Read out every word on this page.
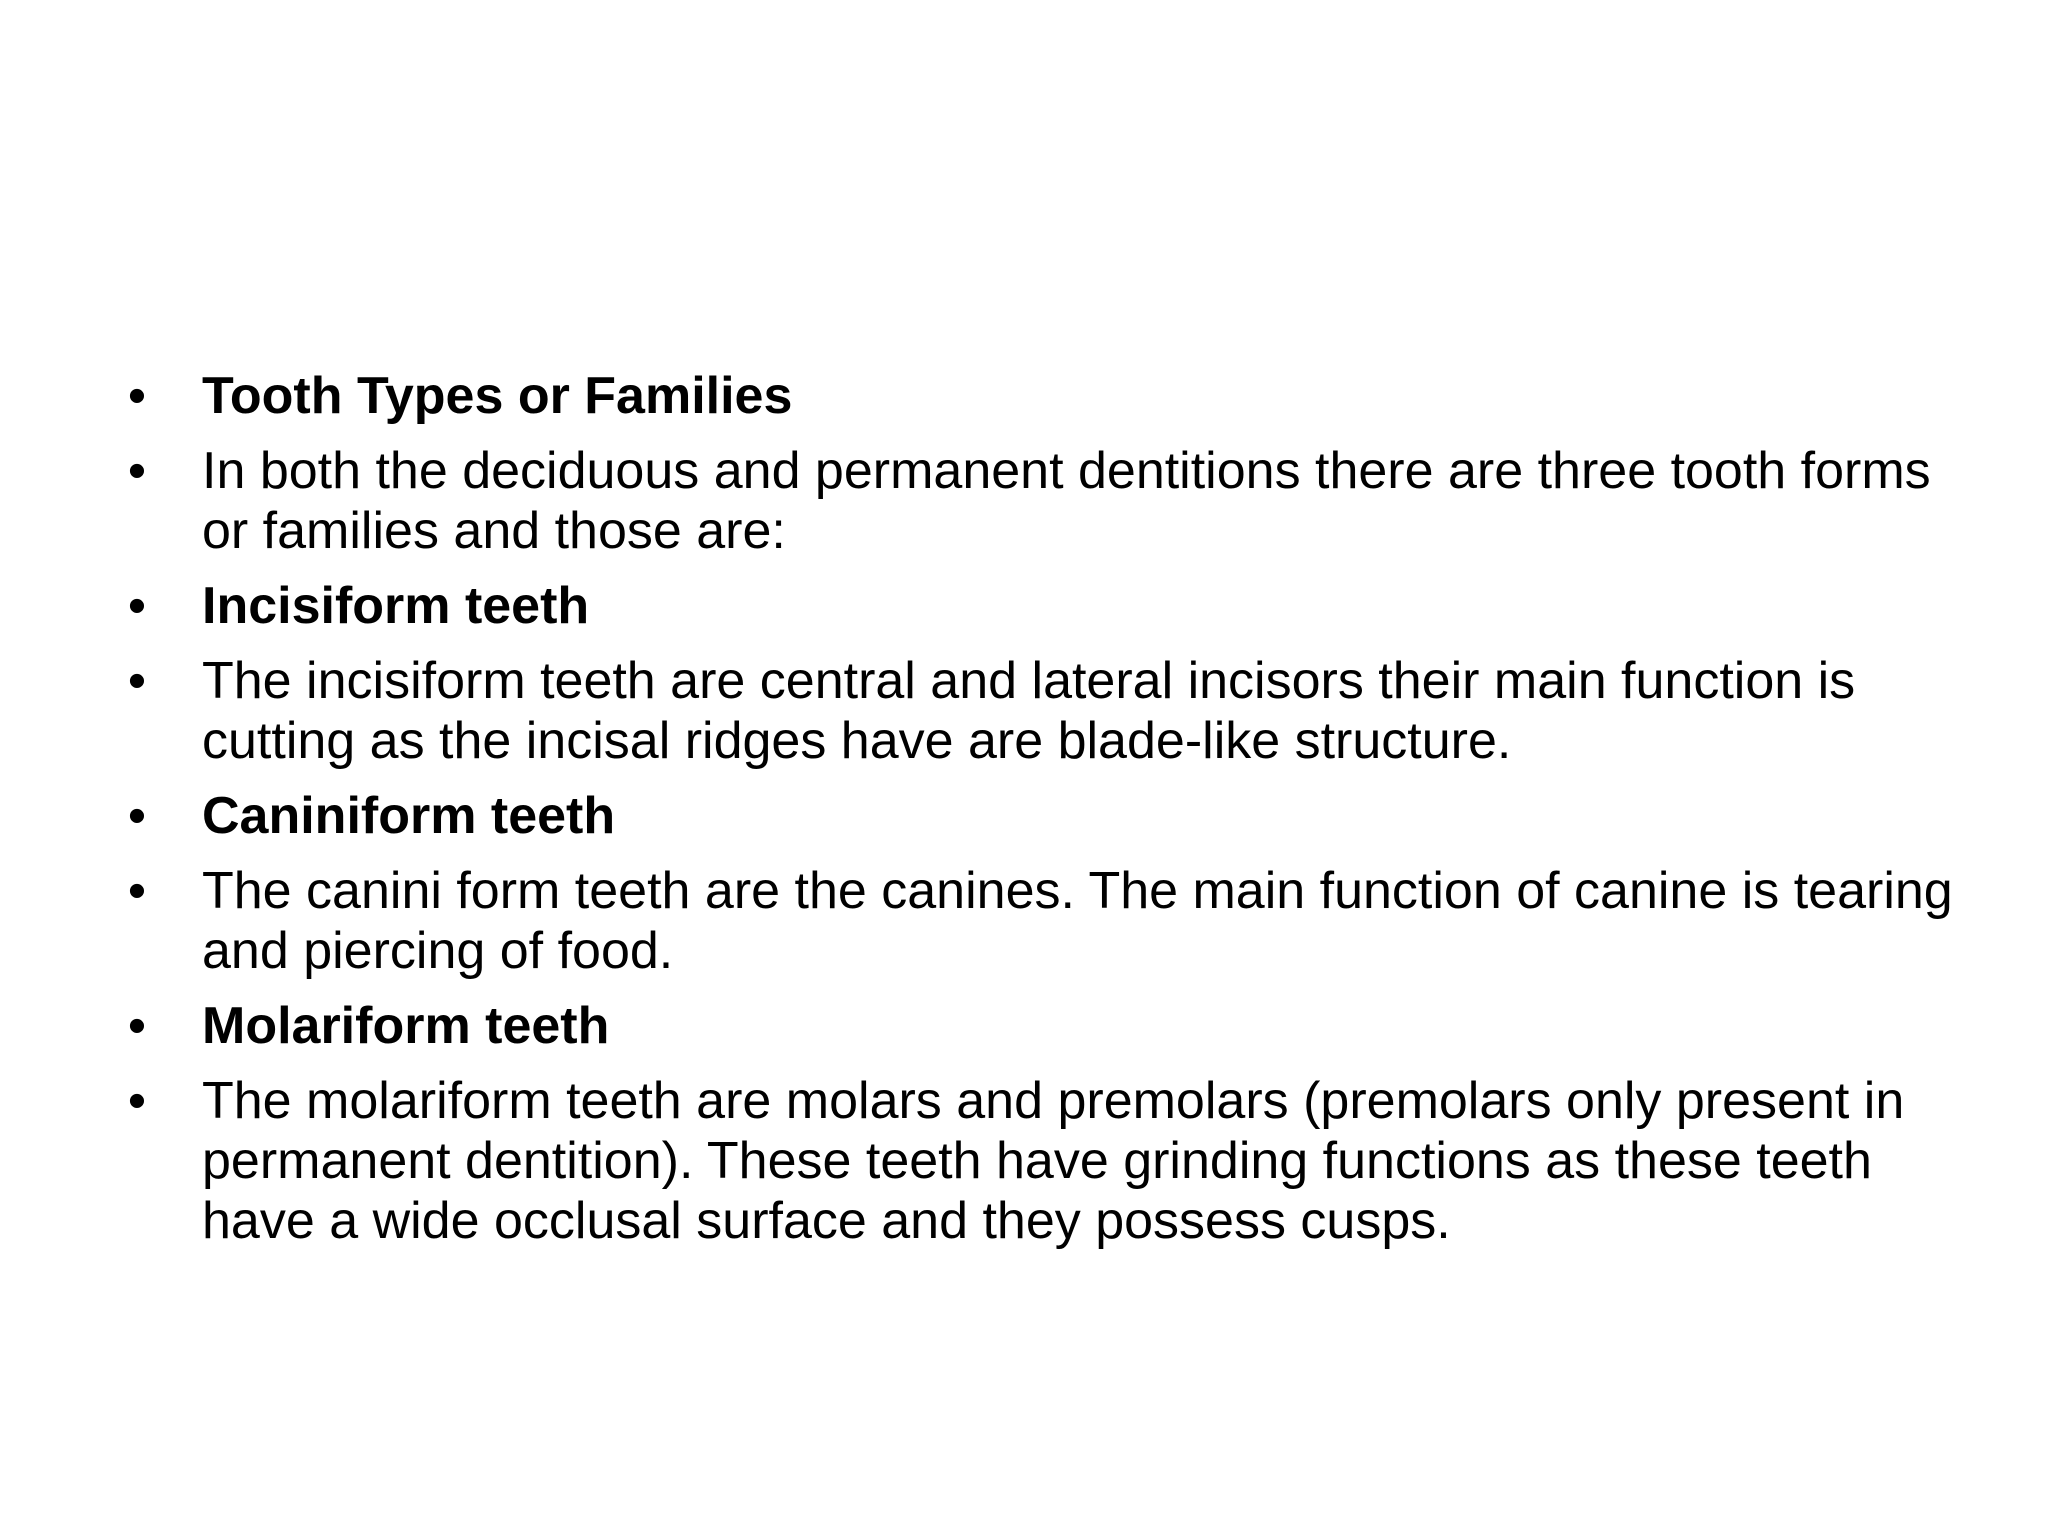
• Tooth Types or Families
• In both the deciduous and permanent dentitions there are three tooth forms or families and those are:
• Incisiform teeth
• The incisiform teeth are central and lateral incisors their main function is cutting as the incisal ridges have are blade-like structure.
• Caniniform teeth
• The canini form teeth are the canines. The main function of canine is tearing and piercing of food.
• Molariform teeth
• The molariform teeth are molars and premolars (premolars only present in permanent dentition). These teeth have grinding functions as these teeth have a wide occlusal surface and they possess cusps.
